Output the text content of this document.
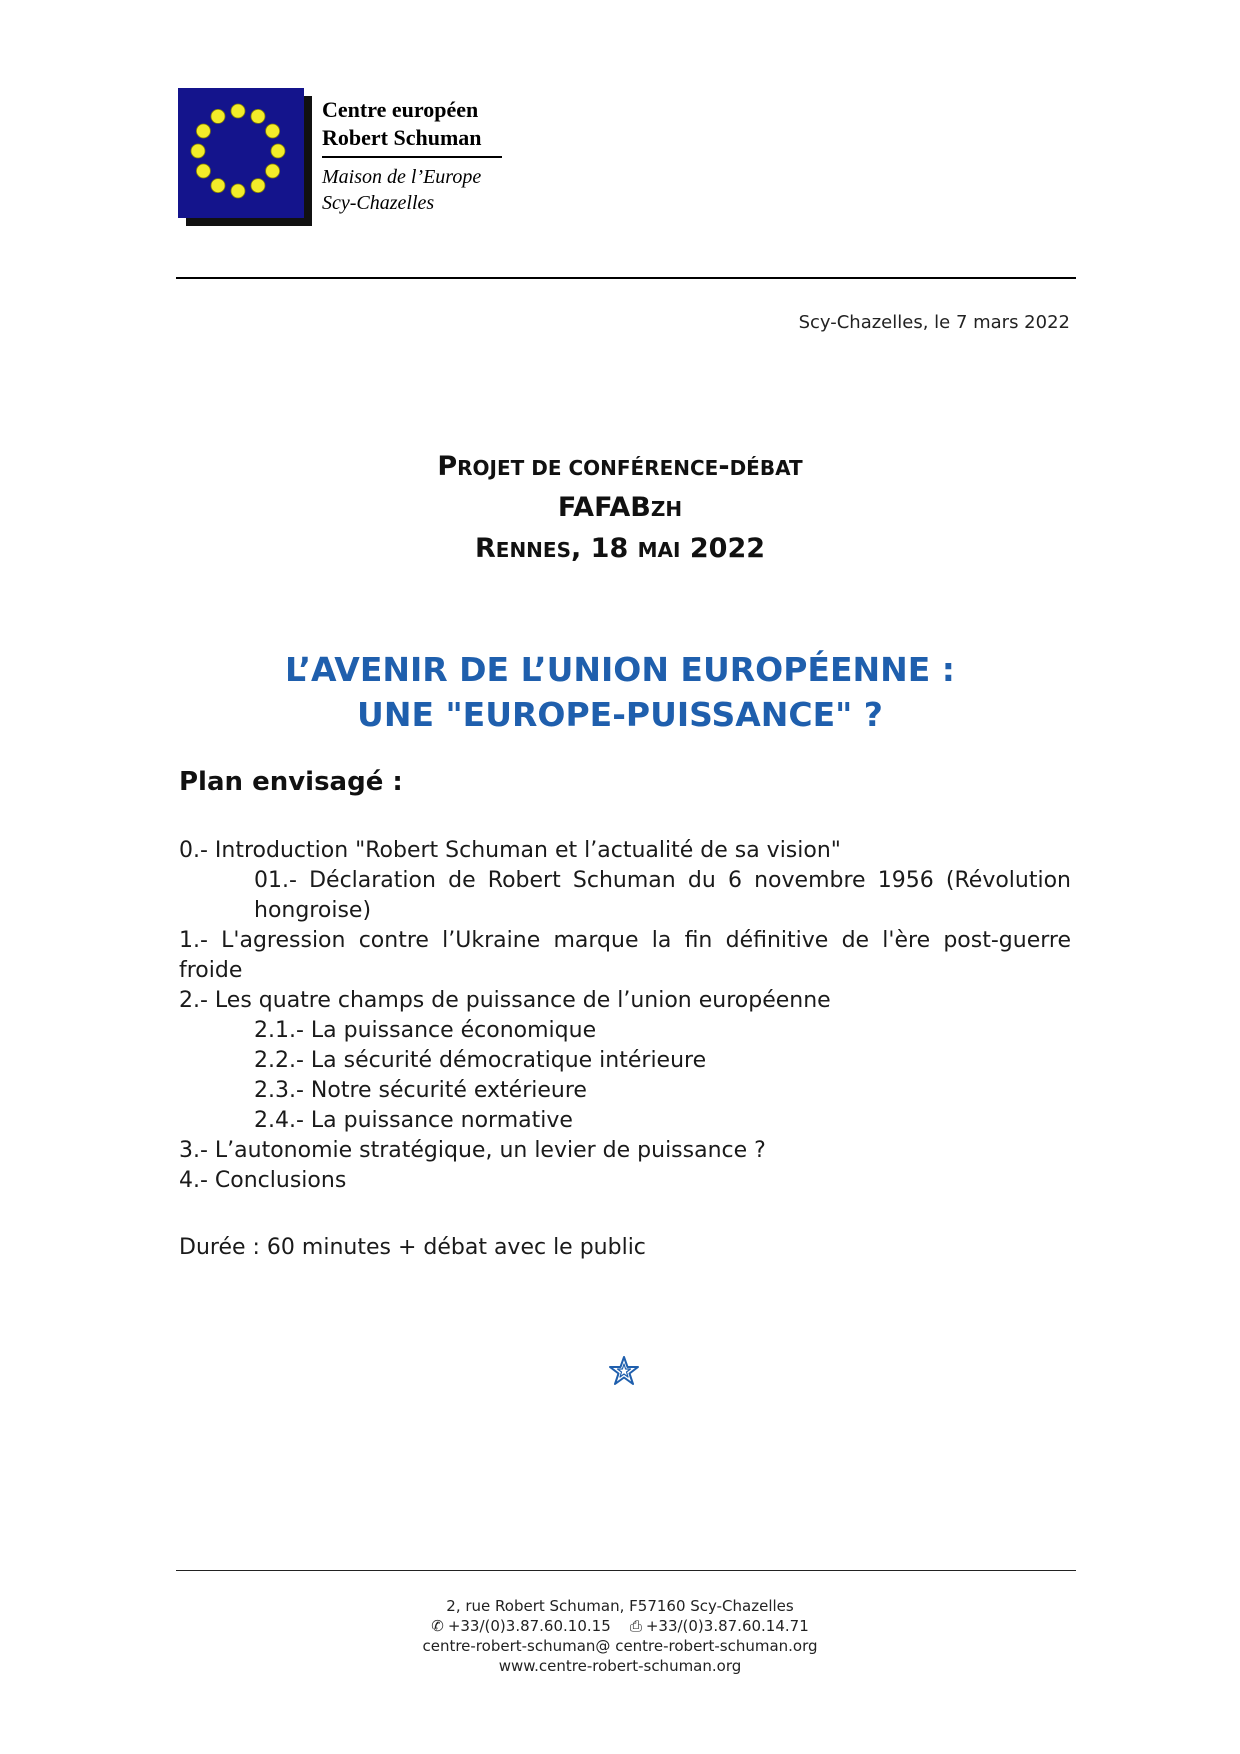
Centre européen
Robert Schuman
Maison de l’Europe
Scy-Chazelles
Scy-Chazelles, le 7 mars 2022
PROJET DE CONFÉRENCE-DÉBAT
FAFABZH
RENNES, 18 MAI 2022
L’AVENIR DE L’UNION EUROPÉENNE :
UNE "EUROPE-PUISSANCE" ?
Plan envisagé :

0.- Introduction "Robert Schuman et l’actualité de sa vision"

01.- Déclaration de Robert Schuman du 6 novembre 1956 (Révolution hongroise)

1.- L'agression contre l’Ukraine marque la fin définitive de l'ère post-guerre froide

2.- Les quatre champs de puissance de l’union européenne

2.1.- La puissance économique

2.2.- La sécurité démocratique intérieure

2.3.- Notre sécurité extérieure

2.4.- La puissance normative

3.- L’autonomie stratégique, un levier de puissance ?

4.- Conclusions

Durée : 60 minutes + débat avec le public
2, rue Robert Schuman, F57160 Scy-Chazelles
✆ +33/(0)3.87.60.10.15 ⎙ +33/(0)3.87.60.14.71
centre-robert-schuman@ centre-robert-schuman.org
www.centre-robert-schuman.org
